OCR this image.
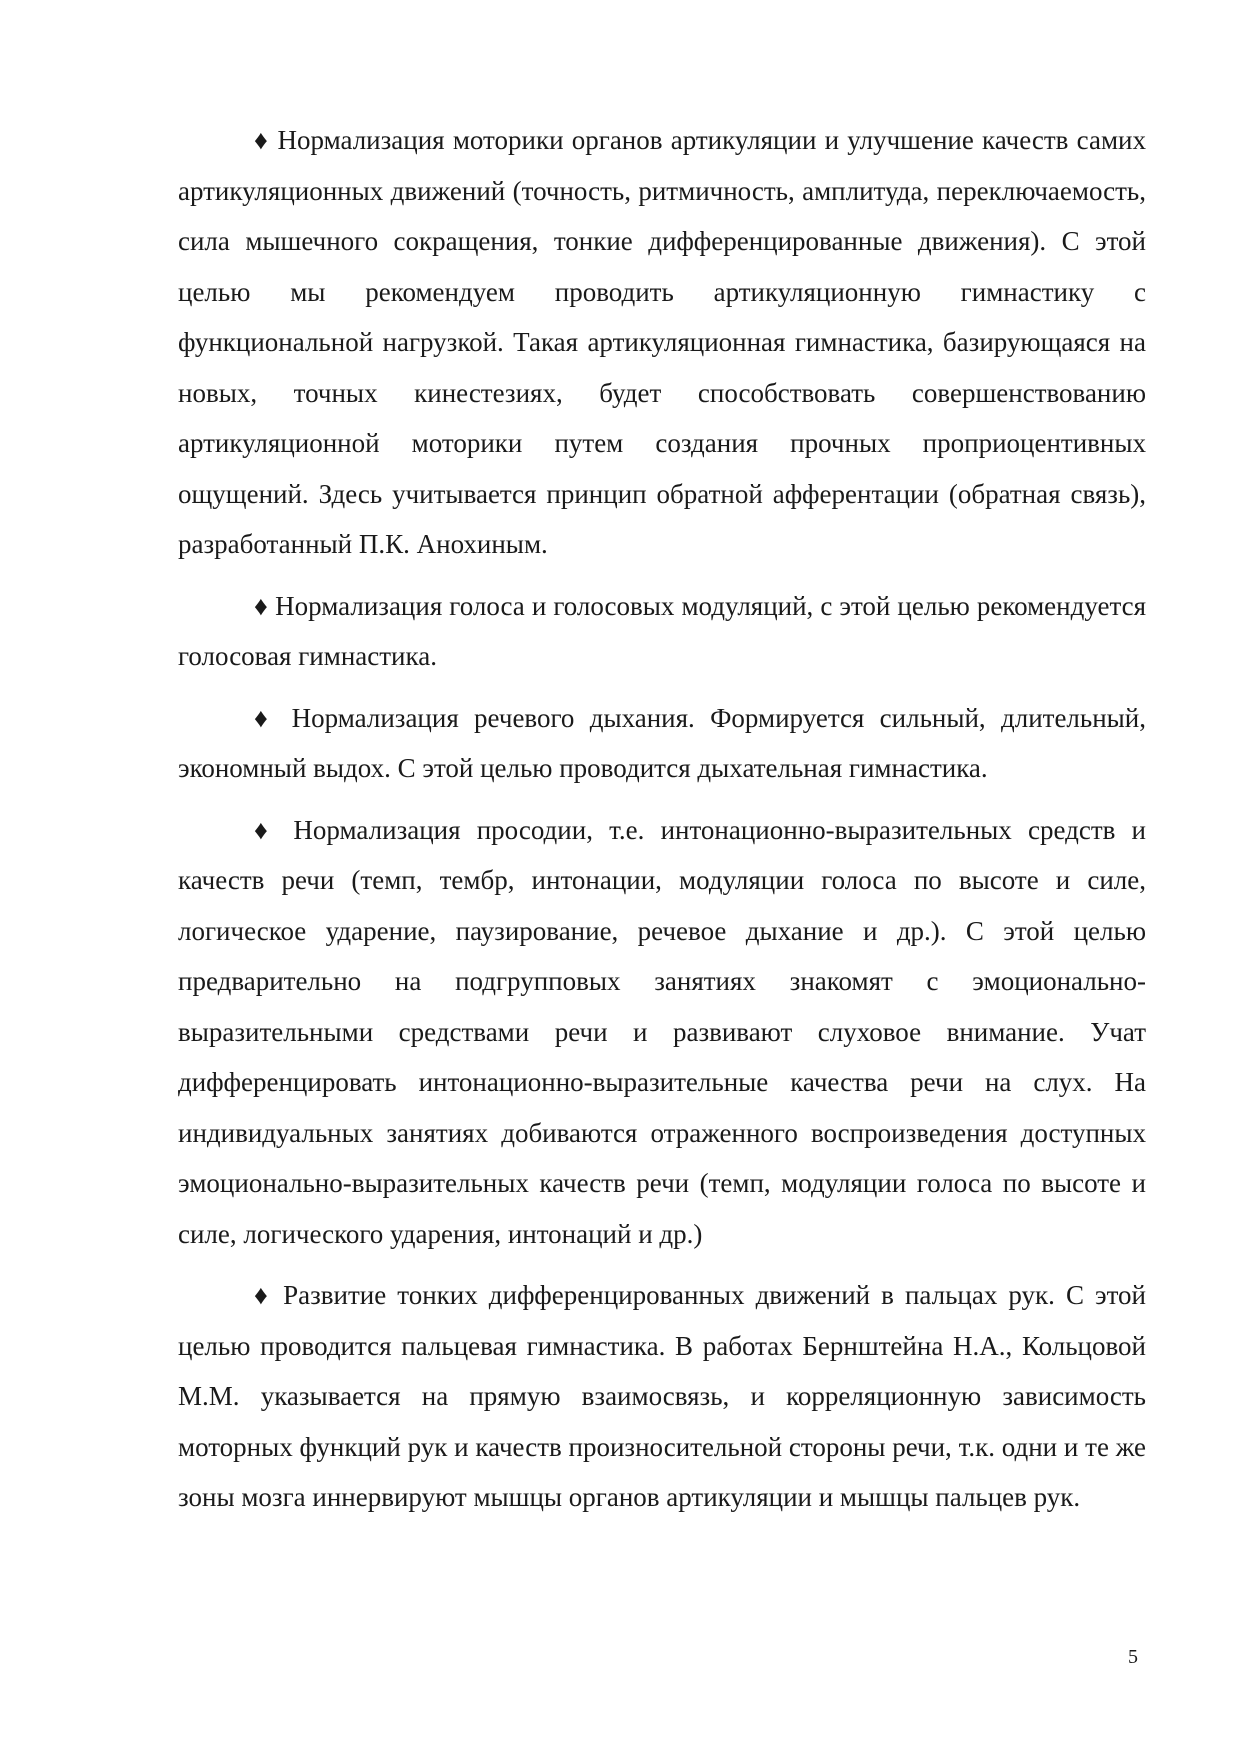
♦ Нормализация моторики органов артикуляции и улучшение качеств самих артикуляционных движений (точность, ритмичность, амплитуда, переключаемость, сила мышечного сокращения, тонкие дифференцированные движения). С этой целью мы рекомендуем проводить артикуляционную гимнастику с функциональной нагрузкой. Такая артикуляционная гимнастика, базирующаяся на новых, точных кинестезиях, будет способствовать совершенствованию артикуляционной моторики путем создания прочных проприоцентивных ощущений. Здесь учитывается принцип обратной афферентации (обратная связь), разработанный П.К. Анохиным.

♦ Нормализация голоса и голосовых модуляций, с этой целью рекомендуется голосовая гимнастика.

♦ Нормализация речевого дыхания. Формируется сильный, длительный, экономный выдох. С этой целью проводится дыхательная гимнастика.

♦ Нормализация просодии, т.е. интонационно-выразительных средств и качеств речи (темп, тембр, интонации, модуляции голоса по высоте и силе, логическое ударение, паузирование, речевое дыхание и др.). С этой целью предварительно на подгрупповых занятиях знакомят с эмоционально-выразительными средствами речи и развивают слуховое внимание. Учат дифференцировать интонационно-выразительные качества речи на слух. На индивидуальных занятиях добиваются отраженного воспроизведения доступных эмоционально-выразительных качеств речи (темп, модуляции голоса по высоте и силе, логического ударения, интонаций и др.)

♦ Развитие тонких дифференцированных движений в пальцах рук. С этой целью проводится пальцевая гимнастика. В работах Бернштейна Н.А., Кольцовой М.М. указывается на прямую взаимосвязь, и корреляционную зависимость моторных функций рук и качеств произносительной стороны речи, т.к. одни и те же зоны мозга иннервируют мышцы органов артикуляции и мышцы пальцев рук.

5
